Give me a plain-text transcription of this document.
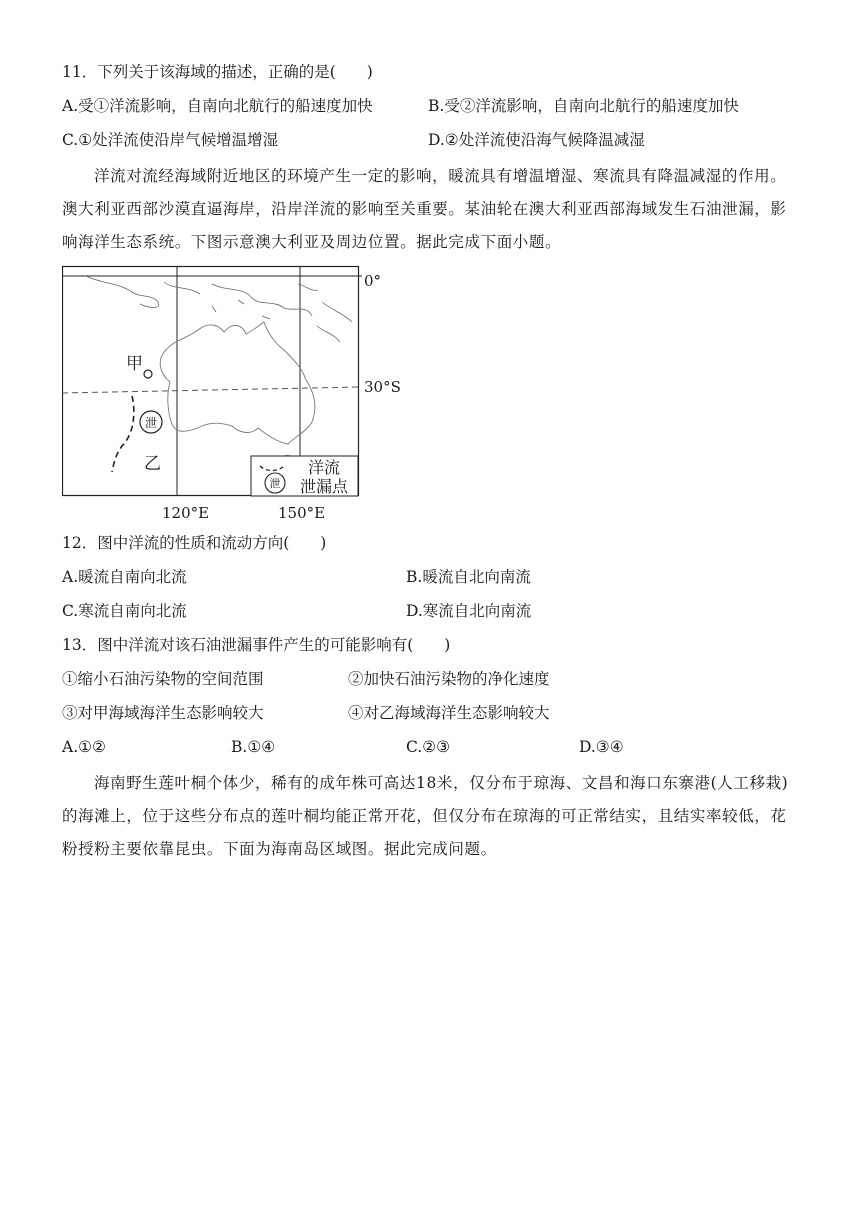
11．下列关于该海域的描述，正确的是(　　)
A.受①洋流影响，自南向北航行的船速度加快	B.受②洋流影响，自南向北航行的船速度加快
C.①处洋流使沿岸气候增温增湿	D.②处洋流使沿海气候降温减湿
洋流对流经海域附近地区的环境产生一定的影响，暖流具有增温增湿、寒流具有降温减湿的作用。澳大利亚西部沙漠直逼海岸，沿岸洋流的影响至关重要。某油轮在澳大利亚西部海域发生石油泄漏，影响海洋生态系统。下图示意澳大利亚及周边位置。据此完成下面小题。
甲
泄
乙
泄
洋流
泄漏点
0°
30°S
120°E	150°E
12．图中洋流的性质和流动方向(　　)
A.暖流自南向北流	B.暖流自北向南流
C.寒流自南向北流	D.寒流自北向南流
13．图中洋流对该石油泄漏事件产生的可能影响有(　　)
①缩小石油污染物的空间范围	②加快石油污染物的净化速度
③对甲海域海洋生态影响较大	④对乙海域海洋生态影响较大
A.①②	B.①④	C.②③	D.③④
海南野生莲叶桐个体少，稀有的成年株可高达18米，仅分布于琼海、文昌和海口东寨港(人工移栽)的海滩上，位于这些分布点的莲叶桐均能正常开花，但仅分布在琼海的可正常结实，且结实率较低，花粉授粉主要依靠昆虫。下面为海南岛区域图。据此完成问题。
